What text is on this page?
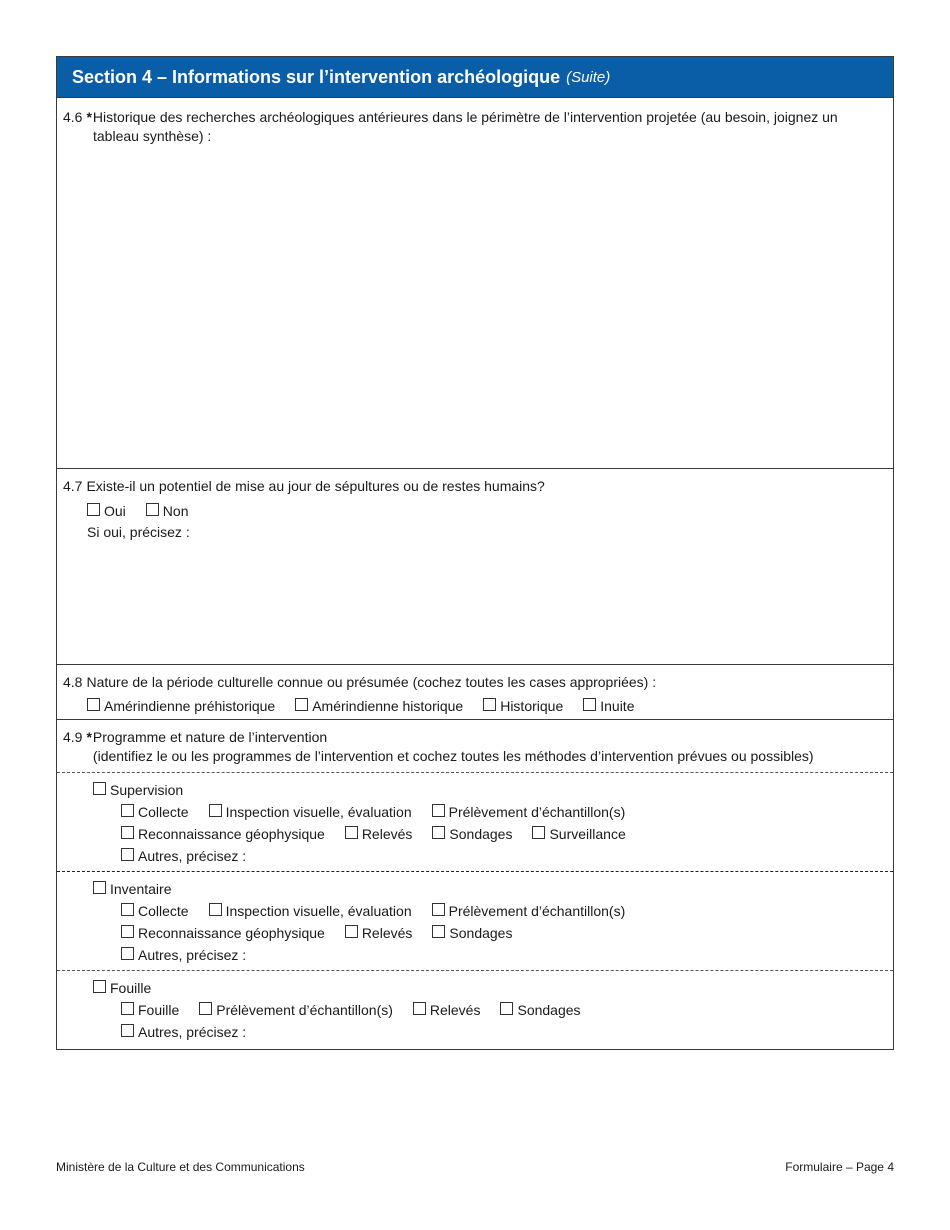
Section 4 – Informations sur l’intervention archéologique (Suite)
4.6 * Historique des recherches archéologiques antérieures dans le périmètre de l’intervention projetée (au besoin, joignez un
tableau synthèse) :
4.7 Existe-il un potentiel de mise au jour de sépultures ou de restes humains?
Oui	Non
Si oui, précisez :
4.8 Nature de la période culturelle connue ou présumée (cochez toutes les cases appropriées) :
Amérindienne préhistorique	Amérindienne historique	Historique	Inuite
4.9 * Programme et nature de l’intervention
(identifiez le ou les programmes de l’intervention et cochez toutes les méthodes d’intervention prévues ou possibles)
Supervision
Collecte	Inspection visuelle, évaluation	Prélèvement d’échantillon(s)
Reconnaissance géophysique	Relevés	Sondages	Surveillance
Autres, précisez :
Inventaire
Collecte	Inspection visuelle, évaluation	Prélèvement d’échantillon(s)
Reconnaissance géophysique	Relevés	Sondages
Autres, précisez :
Fouille
Fouille	Prélèvement d’échantillon(s)	Relevés	Sondages
Autres, précisez :
Ministère de la Culture et des Communications	Formulaire – Page 4
